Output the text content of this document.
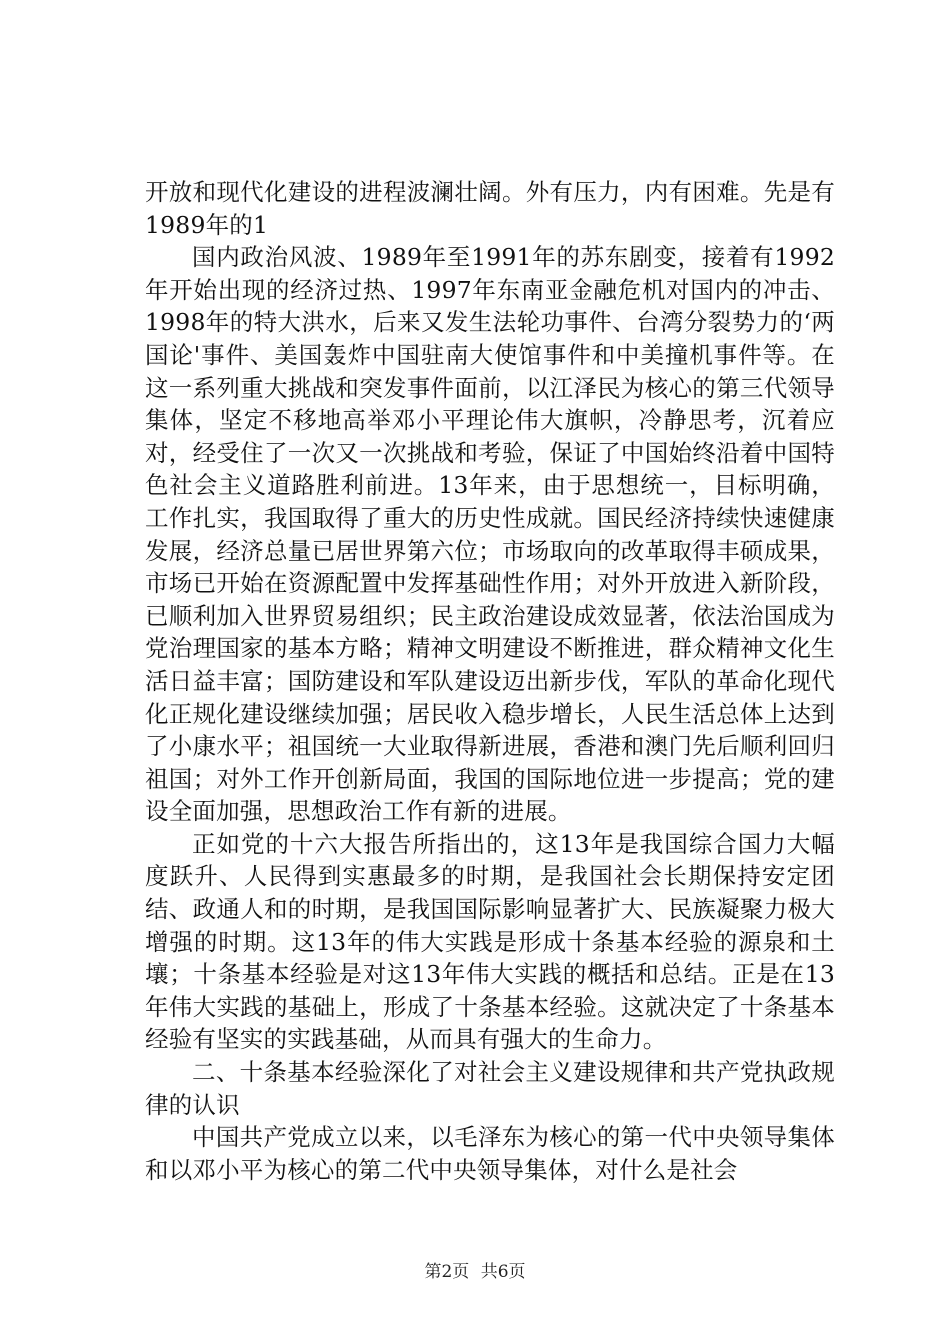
开放和现代化建设的进程波澜壮阔。外有压力，内有困难。先是有1989年的1

国内政治风波、1989年至1991年的苏东剧变，接着有1992年开始出现的经济过热、1997年东南亚金融危机对国内的冲击、1998年的特大洪水，后来又发生法轮功事件、台湾分裂势力的‘两国论'事件、美国轰炸中国驻南大使馆事件和中美撞机事件等。在这一系列重大挑战和突发事件面前，以江泽民为核心的第三代领导集体，坚定不移地高举邓小平理论伟大旗帜，冷静思考，沉着应对，经受住了一次又一次挑战和考验，保证了中国始终沿着中国特色社会主义道路胜利前进。13年来，由于思想统一，目标明确，工作扎实，我国取得了重大的历史性成就。国民经济持续快速健康发展，经济总量已居世界第六位；市场取向的改革取得丰硕成果，市场已开始在资源配置中发挥基础性作用；对外开放进入新阶段，已顺利加入世界贸易组织；民主政治建设成效显著，依法治国成为党治理国家的基本方略；精神文明建设不断推进，群众精神文化生活日益丰富；国防建设和军队建设迈出新步伐，军队的革命化现代化正规化建设继续加强；居民收入稳步增长，人民生活总体上达到了小康水平；祖国统一大业取得新进展，香港和澳门先后顺利回归祖国；对外工作开创新局面，我国的国际地位进一步提高；党的建设全面加强，思想政治工作有新的进展。

正如党的十六大报告所指出的，这13年是我国综合国力大幅度跃升、人民得到实惠最多的时期，是我国社会长期保持安定团结、政通人和的时期，是我国国际影响显著扩大、民族凝聚力极大增强的时期。这13年的伟大实践是形成十条基本经验的源泉和土壤；十条基本经验是对这13年伟大实践的概括和总结。正是在13年伟大实践的基础上，形成了十条基本经验。这就决定了十条基本经验有坚实的实践基础，从而具有强大的生命力。

二、十条基本经验深化了对社会主义建设规律和共产党执政规律的认识

中国共产党成立以来，以毛泽东为核心的第一代中央领导集体和以邓小平为核心的第二代中央领导集体，对什么是社会

第2页 共6页
